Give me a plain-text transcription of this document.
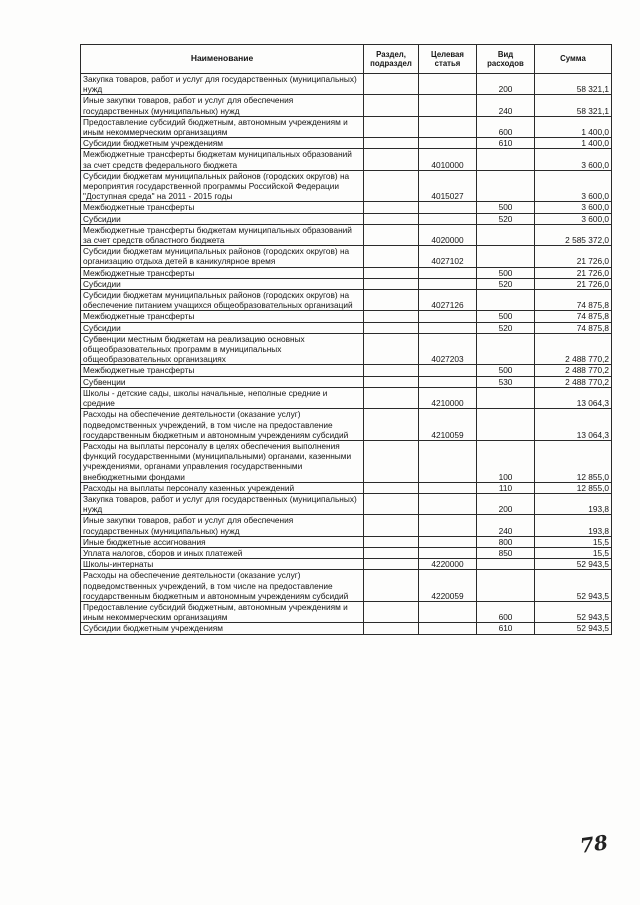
Наименование	Раздел, подраздел	Целевая статья	Вид расходов	Сумма
Закупка товаров, работ и услуг для государственных (муниципальных) нужд			200	58 321,1
Иные закупки товаров, работ и услуг для обеспечения государственных (муниципальных) нужд			240	58 321,1
Предоставление субсидий бюджетным, автономным учреждениям и иным некоммерческим организациям			600	1 400,0
Субсидии бюджетным учреждениям			610	1 400,0
Межбюджетные трансферты бюджетам муниципальных образований за счет средств федерального бюджета		4010000		3 600,0
Субсидии бюджетам муниципальных районов (городских округов) на мероприятия государственной программы Российской Федерации "Доступная среда" на 2011 - 2015 годы		4015027		3 600,0
Межбюджетные трансферты			500	3 600,0
Субсидии			520	3 600,0
Межбюджетные трансферты бюджетам муниципальных образований за счет средств областного бюджета		4020000		2 585 372,0
Субсидии бюджетам муниципальных районов (городских округов) на организацию отдыха детей в каникулярное время		4027102		21 726,0
Межбюджетные трансферты			500	21 726,0
Субсидии			520	21 726,0
Субсидии бюджетам муниципальных районов (городских округов) на обеспечение питанием учащихся общеобразовательных организаций		4027126		74 875,8
Межбюджетные трансферты			500	74 875,8
Субсидии			520	74 875,8
Субвенции местным бюджетам на реализацию основных общеобразовательных программ в муниципальных общеобразовательных организациях		4027203		2 488 770,2
Межбюджетные трансферты			500	2 488 770,2
Субвенции			530	2 488 770,2
Школы - детские сады, школы начальные, неполные средние и средние		4210000		13 064,3
Расходы на обеспечение деятельности (оказание услуг) подведомственных учреждений, в том числе на предоставление государственным бюджетным и автономным учреждениям субсидий		4210059		13 064,3
Расходы на выплаты персоналу в целях обеспечения выполнения функций государственными (муниципальными) органами, казенными учреждениями, органами управления государственными внебюджетными фондами			100	12 855,0
Расходы на выплаты персоналу казенных учреждений			110	12 855,0
Закупка товаров, работ и услуг для государственных (муниципальных) нужд			200	193,8
Иные закупки товаров, работ и услуг для обеспечения государственных (муниципальных) нужд			240	193,8
Иные бюджетные ассигнования			800	15,5
Уплата налогов, сборов и иных платежей			850	15,5
Школы-интернаты		4220000		52 943,5
Расходы на обеспечение деятельности (оказание услуг) подведомственных учреждений, в том числе на предоставление государственным бюджетным и автономным учреждениям субсидий		4220059		52 943,5
Предоставление субсидий бюджетным, автономным учреждениям и иным некоммерческим организациям			600	52 943,5
Субсидии бюджетным учреждениям			610	52 943,5
78
